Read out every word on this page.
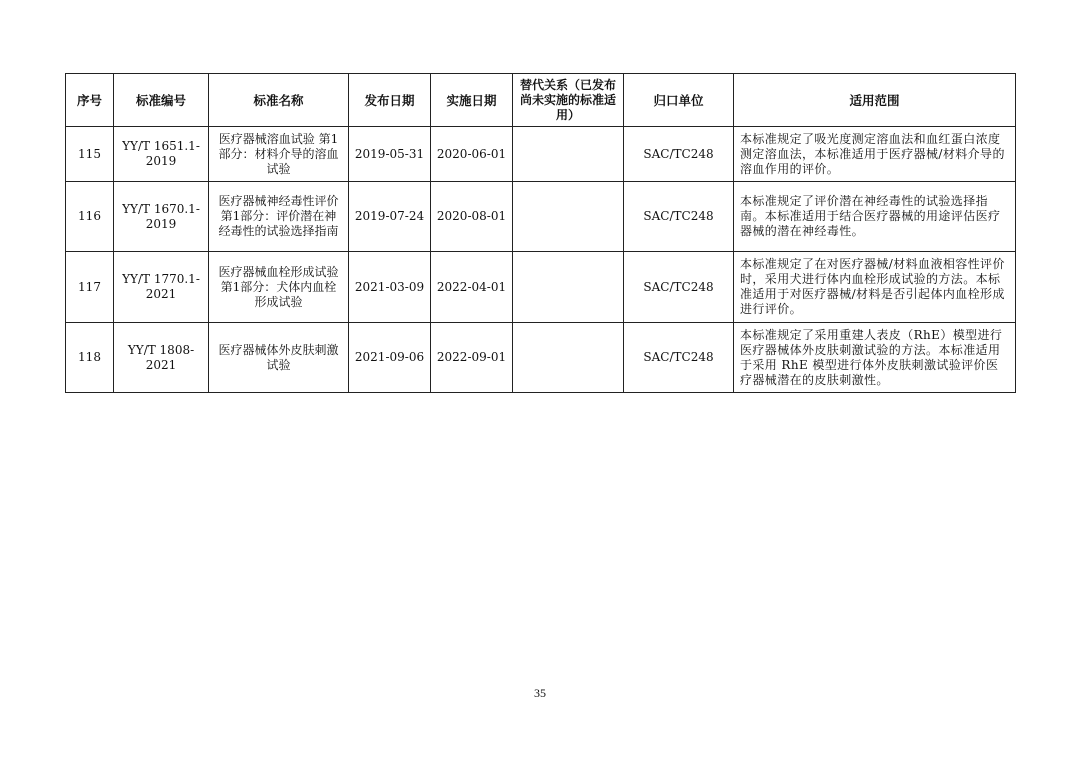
序号	标准编号	标准名称	发布日期	实施日期	替代关系（已发布尚未实施的标准适用）	归口单位	适用范围
115	YY/T 1651.1-2019	医疗器械溶血试验 第1部分：材料介导的溶血试验	2019-05-31	2020-06-01		SAC/TC248	本标准规定了吸光度测定溶血法和血红蛋白浓度测定溶血法，本标准适用于医疗器械/材料介导的溶血作用的评价。
116	YY/T 1670.1-2019	医疗器械神经毒性评价 第1部分：评价潜在神经毒性的试验选择指南	2019-07-24	2020-08-01		SAC/TC248	本标准规定了评价潜在神经毒性的试验选择指南。本标准适用于结合医疗器械的用途评估医疗器械的潜在神经毒性。
117	YY/T 1770.1-2021	医疗器械血栓形成试验 第1部分：犬体内血栓形成试验	2021-03-09	2022-04-01		SAC/TC248	本标准规定了在对医疗器械/材料血液相容性评价时，采用犬进行体内血栓形成试验的方法。本标准适用于对医疗器械/材料是否引起体内血栓形成进行评价。
118	YY/T 1808-2021	医疗器械体外皮肤刺激试验	2021-09-06	2022-09-01		SAC/TC248	本标准规定了采用重建人表皮（RhE）模型进行医疗器械体外皮肤刺激试验的方法。本标准适用于采用 RhE 模型进行体外皮肤刺激试验评价医疗器械潜在的皮肤刺激性。
35
